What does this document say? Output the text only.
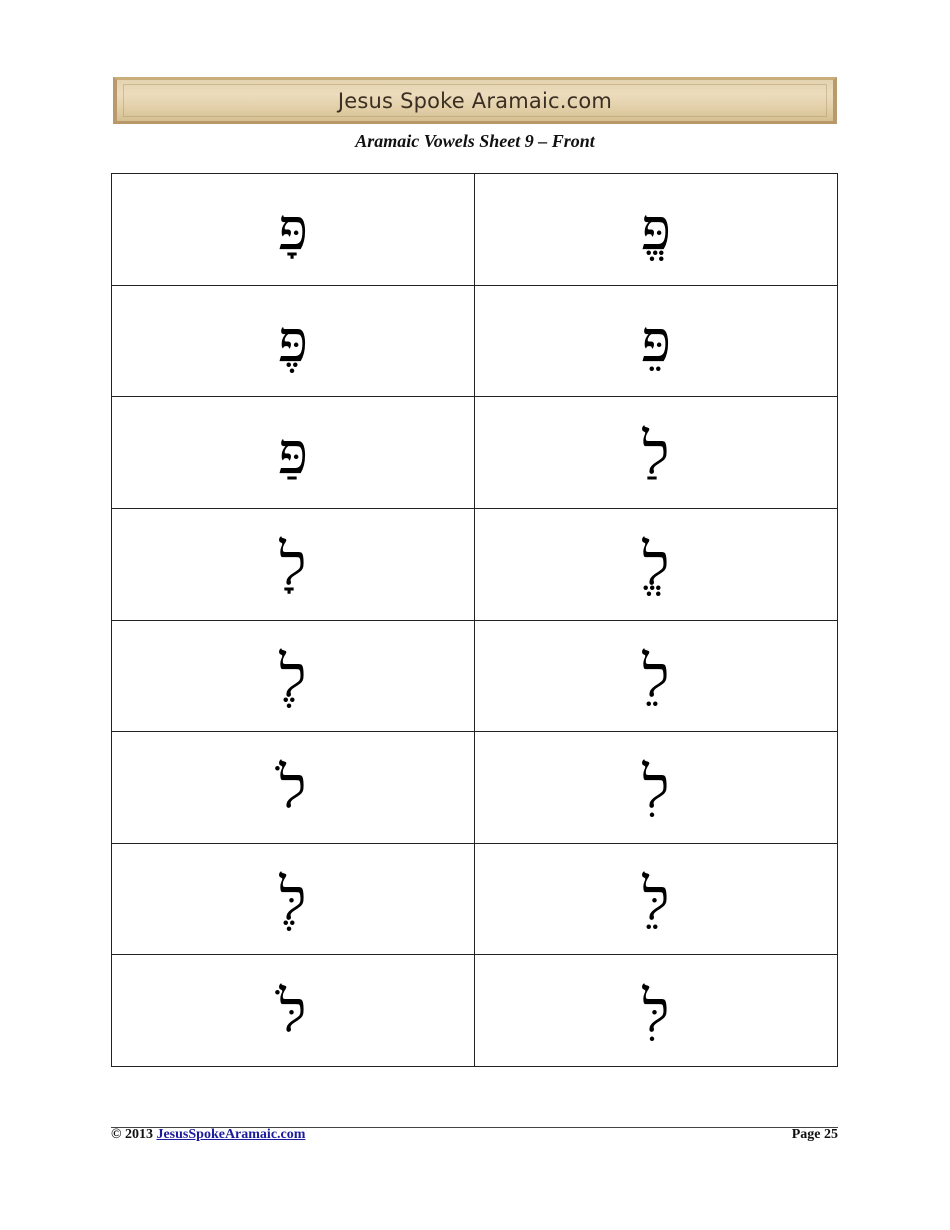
Jesus Spoke Aramaic.com
Aramaic Vowels Sheet 9 – Front
פָּ	פֱּ
פֶּ	פֵּ
פַּ	לַ
לָ	לֱ
לֶ	לֵ
לֹ	לִ
לֶּ	לֵּ
לֹּ	לִּ
© 2013 JesusSpokeAramaic.com	Page 25
